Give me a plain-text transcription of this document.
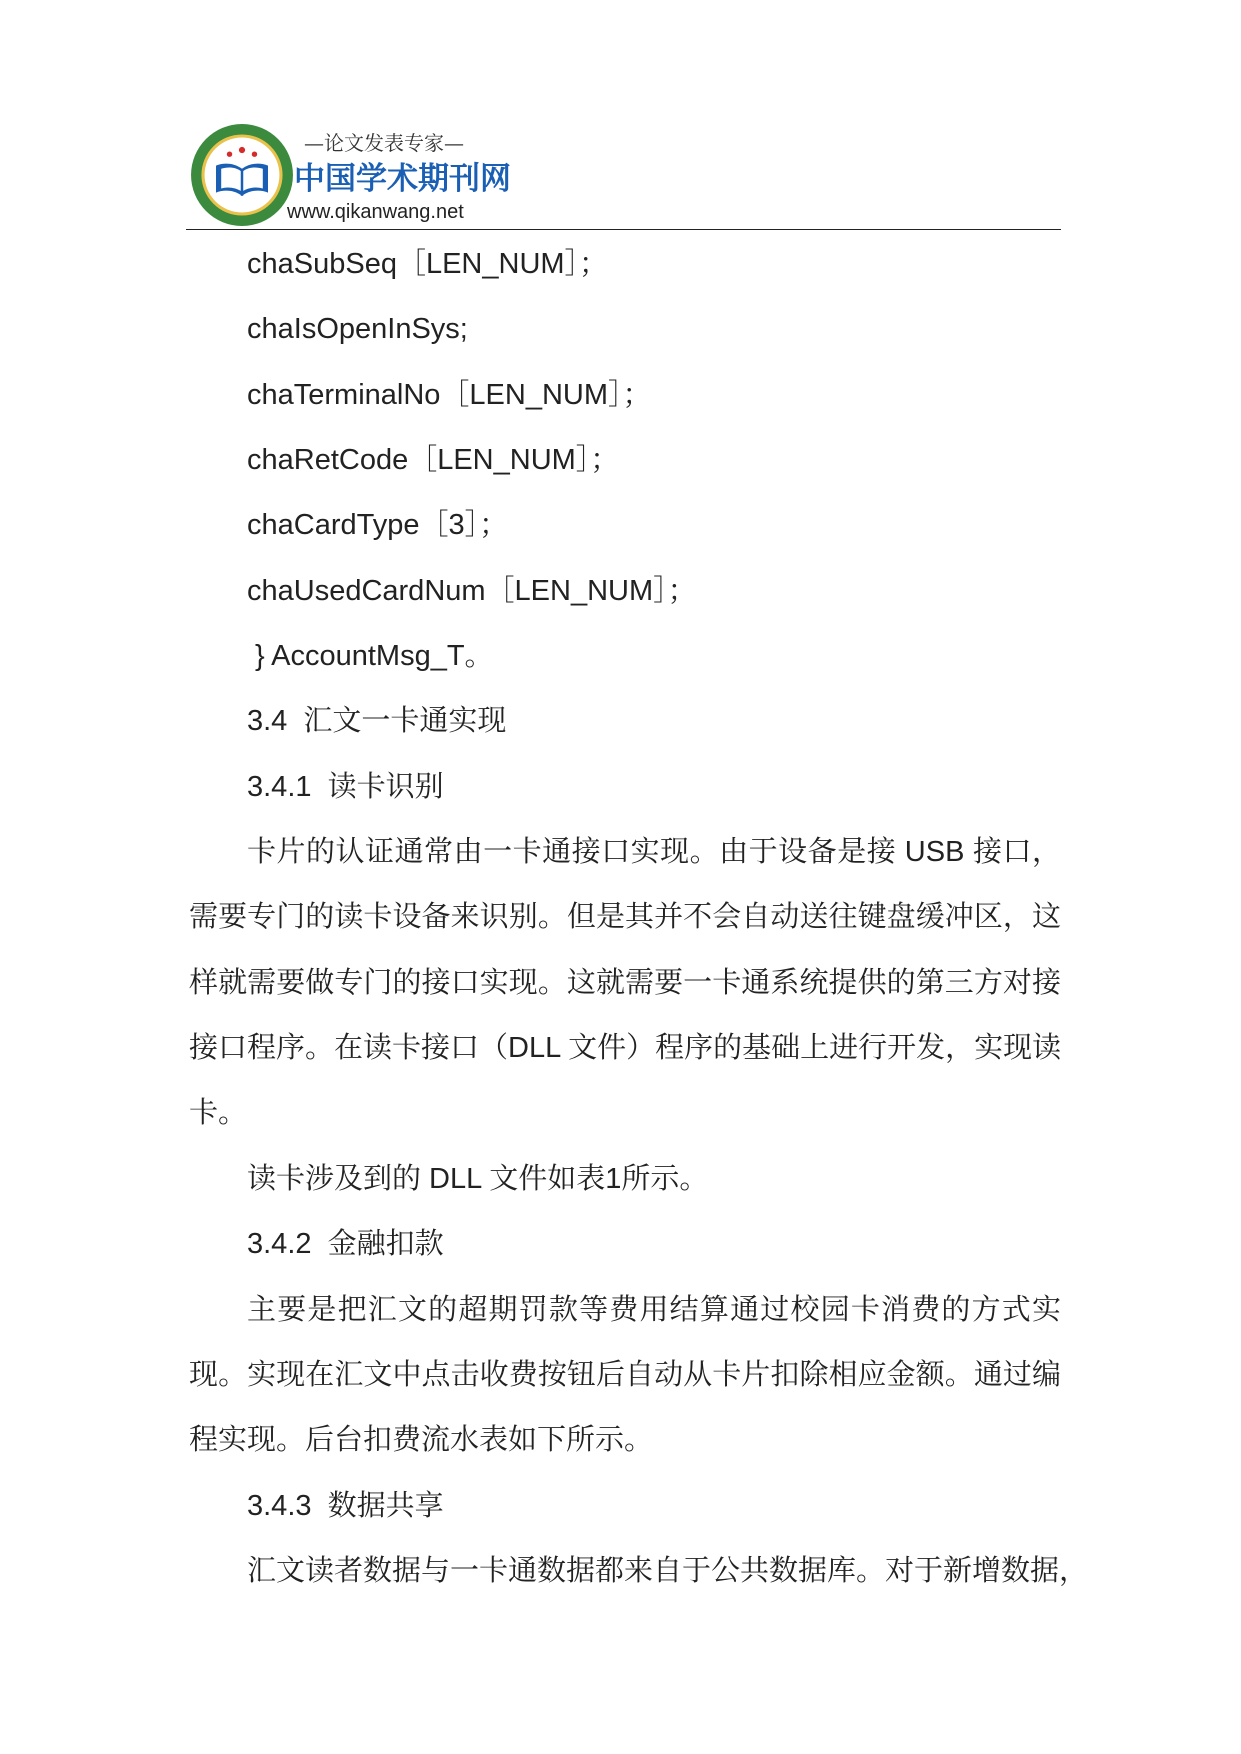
—论文发表专家—
中国学术期刊网
www.qikanwang.net
chaSubSeq［LEN_NUM］；
chaIsOpenInSys;
chaTerminalNo［LEN_NUM］；
chaRetCode［LEN_NUM］；
chaCardType［3］；
chaUsedCardNum［LEN_NUM］；
} AccountMsg_T。
3.4  汇文一卡通实现
3.4.1  读卡识别
卡片的认证通常由一卡通接口实现。由于设备是接 USB 接口，
需要专门的读卡设备来识别。但是其并不会自动送往键盘缓冲区，这
样就需要做专门的接口实现。这就需要一卡通系统提供的第三方对接
接口程序。在读卡接口（DLL 文件）程序的基础上进行开发，实现读
卡。
读卡涉及到的 DLL 文件如表1所示。
3.4.2  金融扣款
主要是把汇文的超期罚款等费用结算通过校园卡消费的方式实
现。实现在汇文中点击收费按钮后自动从卡片扣除相应金额。通过编
程实现。后台扣费流水表如下所示。
3.4.3  数据共享
汇文读者数据与一卡通数据都来自于公共数据库。对于新增数据，
